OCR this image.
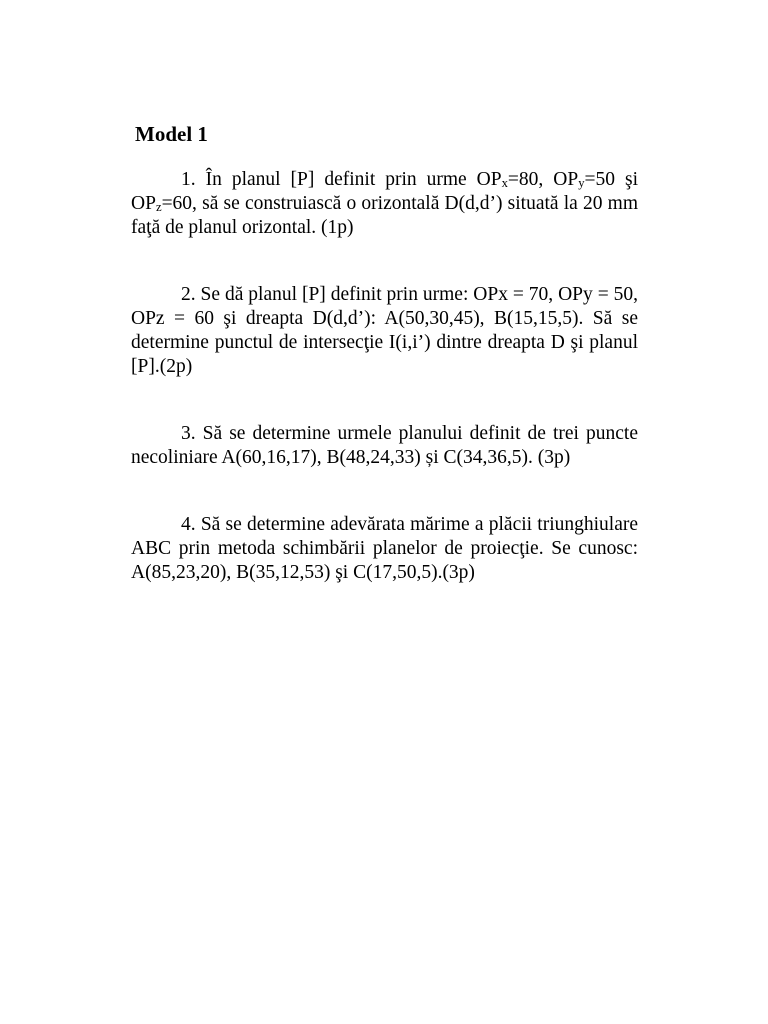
Model 1

1. În planul [P] definit prin urme $OP_x=80$, $OP_y=50$ şi $OP_z=60$, să se construiască o orizontală D(d,d’) situată la 20 mm faţă de planul orizontal. (1p)

2. Se dă planul [P] definit prin urme: OPx = 70, OPy = 50, OPz = 60 şi dreapta D(d,d’): A(50,30,45), B(15,15,5). Să se determine punctul de intersecţie I(i,i’) dintre dreapta D şi planul [P].(2p)

3. Să se determine urmele planului definit de trei puncte necoliniare A(60,16,17), B(48,24,33) și C(34,36,5). (3p)

4. Să se determine adevărata mărime a plăcii triunghiulare ABC prin metoda schimbării planelor de proiecţie. Se cunosc: A(85,23,20), B(35,12,53) şi C(17,50,5).(3p)
